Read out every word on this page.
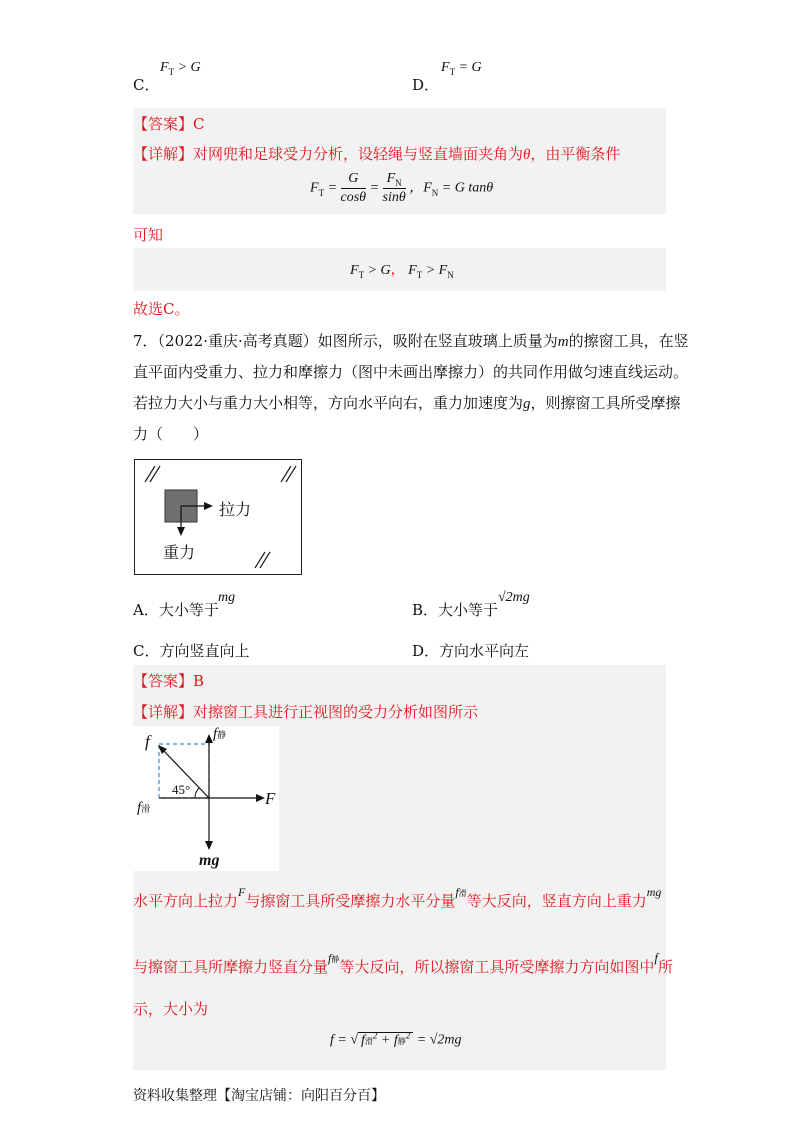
C．
$F_T > G$
D．
$F_T = G$
【答案】C
【详解】对网兜和足球受力分析，设轻绳与竖直墙面夹角为θ，由平衡条件
$F_T = \frac{G}{\cos\theta} = \frac{F_N}{\sin\theta}$ ，$F_N = G$ tanθ
可知
$F_T > G$， $F_T > F_N$
故选C。
7．（2022·重庆·高考真题）如图所示，吸附在竖直玻璃上质量为m的擦窗工具，在竖
直平面内受重力、拉力和摩擦力（图中未画出摩擦力）的共同作用做匀速直线运动。
若拉力大小与重力大小相等，方向水平向右，重力加速度为g，则擦窗工具所受摩擦
力（　　）
拉力
重力
A．大小等于
mg
B．大小等于
√2mg
C．方向竖直向上	D．方向水平向左
【答案】B
【详解】对擦窗工具进行正视图的受力分析如图所示
f	f静
f滑
45°	F
mg
水平方向上拉力$^F$与擦窗工具所受摩擦力水平分量$^{f滑}$等大反向，竖直方向上重力$^{mg}$
与擦窗工具所摩擦力竖直分量$^{f静}$等大反向，所以擦窗工具所受摩擦力方向如图中f所
示，大小为
f = √ f滑$^2$ + f静$^2$ = √2mg
资料收集整理【淘宝店铺：向阳百分百】
